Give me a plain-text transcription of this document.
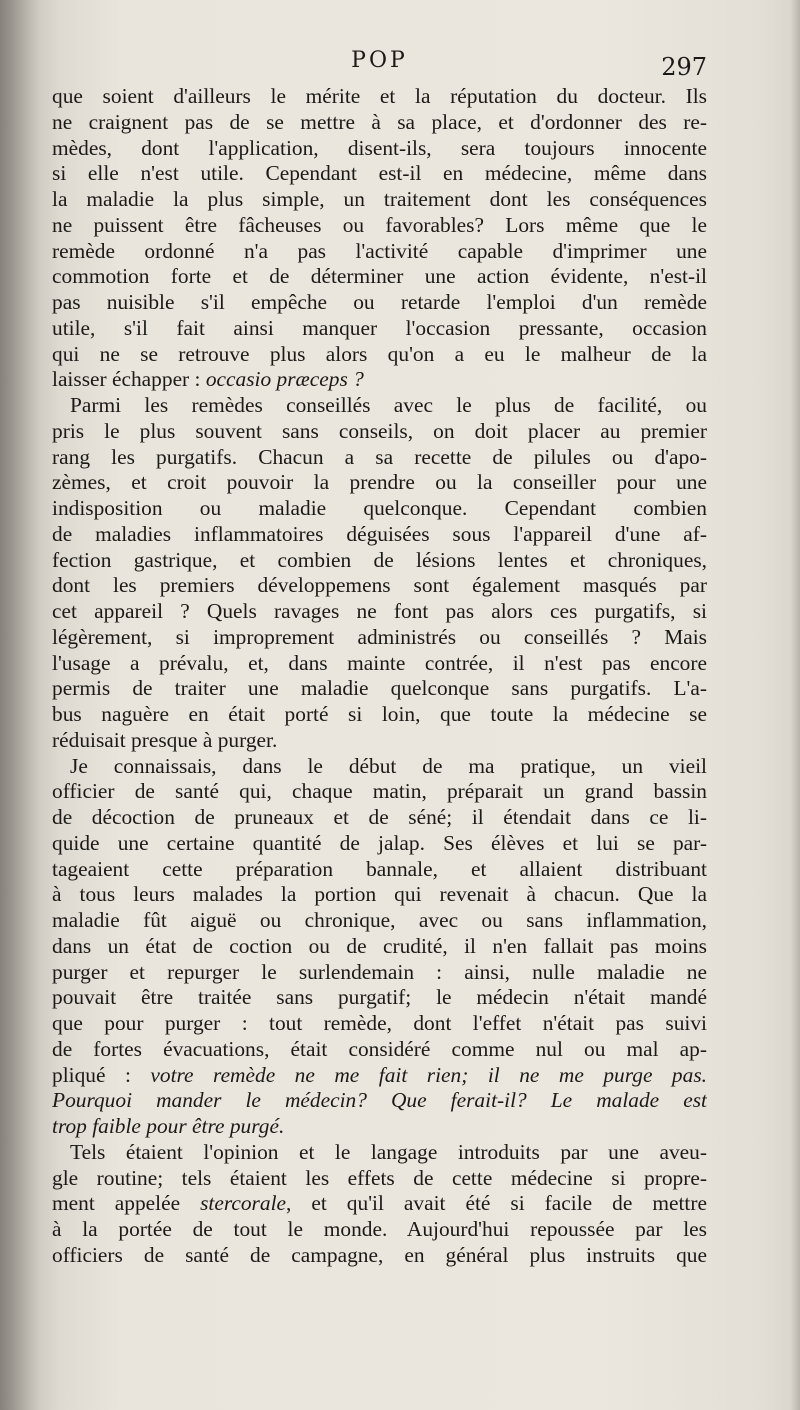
POP	297
que soient d'ailleurs le mérite et la réputation du docteur. Ils
ne craignent pas de se mettre à sa place, et d'ordonner des re-
mèdes, dont l'application, disent-ils, sera toujours innocente
si elle n'est utile. Cependant est-il en médecine, même dans
la maladie la plus simple, un traitement dont les conséquences
ne puissent être fâcheuses ou favorables? Lors même que le
remède ordonné n'a pas l'activité capable d'imprimer une
commotion forte et de déterminer une action évidente, n'est-il
pas nuisible s'il empêche ou retarde l'emploi d'un remède
utile, s'il fait ainsi manquer l'occasion pressante, occasion
qui ne se retrouve plus alors qu'on a eu le malheur de la
laisser échapper : occasio præceps ?
Parmi les remèdes conseillés avec le plus de facilité, ou
pris le plus souvent sans conseils, on doit placer au premier
rang les purgatifs. Chacun a sa recette de pilules ou d'apo-
zèmes, et croit pouvoir la prendre ou la conseiller pour une
indisposition ou maladie quelconque. Cependant combien
de maladies inflammatoires déguisées sous l'appareil d'une af-
fection gastrique, et combien de lésions lentes et chroniques,
dont les premiers développemens sont également masqués par
cet appareil ? Quels ravages ne font pas alors ces purgatifs, si
légèrement, si improprement administrés ou conseillés ? Mais
l'usage a prévalu, et, dans mainte contrée, il n'est pas encore
permis de traiter une maladie quelconque sans purgatifs. L'a-
bus naguère en était porté si loin, que toute la médecine se
réduisait presque à purger.
Je connaissais, dans le début de ma pratique, un vieil
officier de santé qui, chaque matin, préparait un grand bassin
de décoction de pruneaux et de séné; il étendait dans ce li-
quide une certaine quantité de jalap. Ses élèves et lui se par-
tageaient cette préparation bannale, et allaient distribuant
à tous leurs malades la portion qui revenait à chacun. Que la
maladie fût aiguë ou chronique, avec ou sans inflammation,
dans un état de coction ou de crudité, il n'en fallait pas moins
purger et repurger le surlendemain : ainsi, nulle maladie ne
pouvait être traitée sans purgatif; le médecin n'était mandé
que pour purger : tout remède, dont l'effet n'était pas suivi
de fortes évacuations, était considéré comme nul ou mal ap-
pliqué : votre remède ne me fait rien; il ne me purge pas.
Pourquoi mander le médecin? Que ferait-il? Le malade est
trop faible pour être purgé.
Tels étaient l'opinion et le langage introduits par une aveu-
gle routine; tels étaient les effets de cette médecine si propre-
ment appelée stercorale, et qu'il avait été si facile de mettre
à la portée de tout le monde. Aujourd'hui repoussée par les
officiers de santé de campagne, en général plus instruits que
